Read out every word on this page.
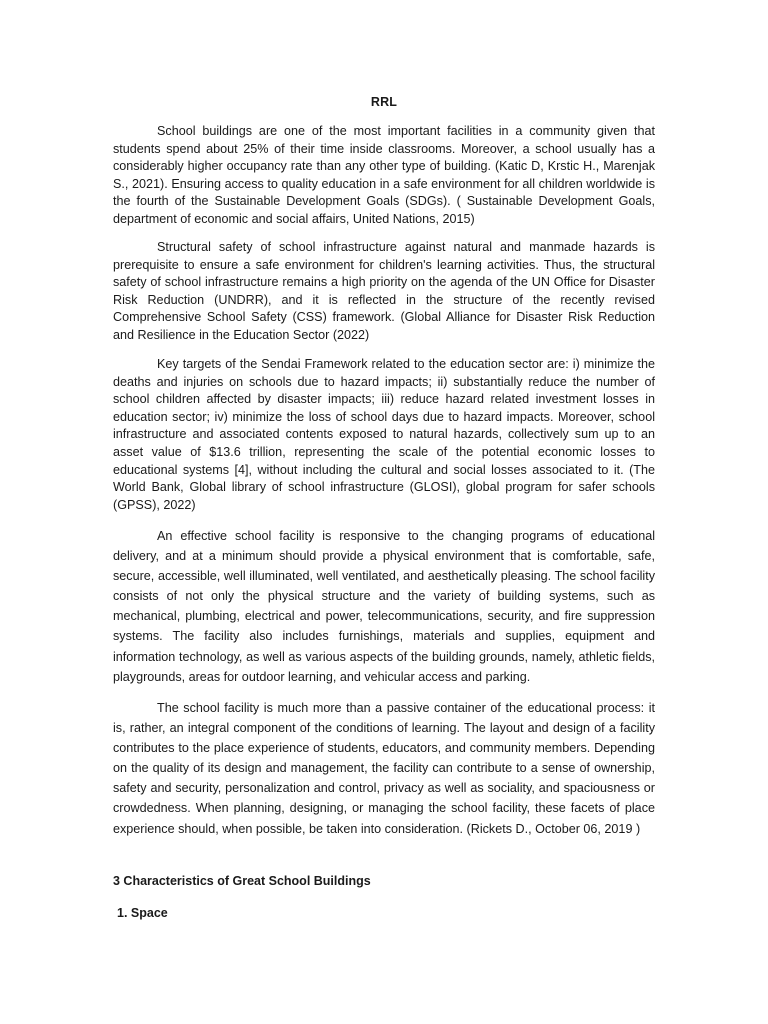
RRL

School buildings are one of the most important facilities in a community given that students spend about 25% of their time inside classrooms. Moreover, a school usually has a considerably higher occupancy rate than any other type of building. (Katic D, Krstic H., Marenjak S., 2021). Ensuring access to quality education in a safe environment for all children worldwide is the fourth of the Sustainable Development Goals (SDGs). ( Sustainable Development Goals, department of economic and social affairs, United Nations, 2015)

Structural safety of school infrastructure against natural and manmade hazards is prerequisite to ensure a safe environment for children's learning activities. Thus, the structural safety of school infrastructure remains a high priority on the agenda of the UN Office for Disaster Risk Reduction (UNDRR), and it is reflected in the structure of the recently revised Comprehensive School Safety (CSS) framework. (Global Alliance for Disaster Risk Reduction and Resilience in the Education Sector (2022)

Key targets of the Sendai Framework related to the education sector are: i) minimize the deaths and injuries on schools due to hazard impacts; ii) substantially reduce the number of school children affected by disaster impacts; iii) reduce hazard related investment losses in education sector; iv) minimize the loss of school days due to hazard impacts. Moreover, school infrastructure and associated contents exposed to natural hazards, collectively sum up to an asset value of $13.6 trillion, representing the scale of the potential economic losses to educational systems [4], without including the cultural and social losses associated to it. (The World Bank, Global library of school infrastructure (GLOSI), global program for safer schools (GPSS), 2022)

An effective school facility is responsive to the changing programs of educational delivery, and at a minimum should provide a physical environment that is comfortable, safe, secure, accessible, well illuminated, well ventilated, and aesthetically pleasing. The school facility consists of not only the physical structure and the variety of building systems, such as mechanical, plumbing, electrical and power, telecommunications, security, and fire suppression systems. The facility also includes furnishings, materials and supplies, equipment and information technology, as well as various aspects of the building grounds, namely, athletic fields, playgrounds, areas for outdoor learning, and vehicular access and parking.

The school facility is much more than a passive container of the educational process: it is, rather, an integral component of the conditions of learning. The layout and design of a facility contributes to the place experience of students, educators, and community members. Depending on the quality of its design and management, the facility can contribute to a sense of ownership, safety and security, personalization and control, privacy as well as sociality, and spaciousness or crowdedness. When planning, designing, or managing the school facility, these facets of place experience should, when possible, be taken into consideration. (Rickets D., October 06, 2019 )

3 Characteristics of Great School Buildings
1. Space
